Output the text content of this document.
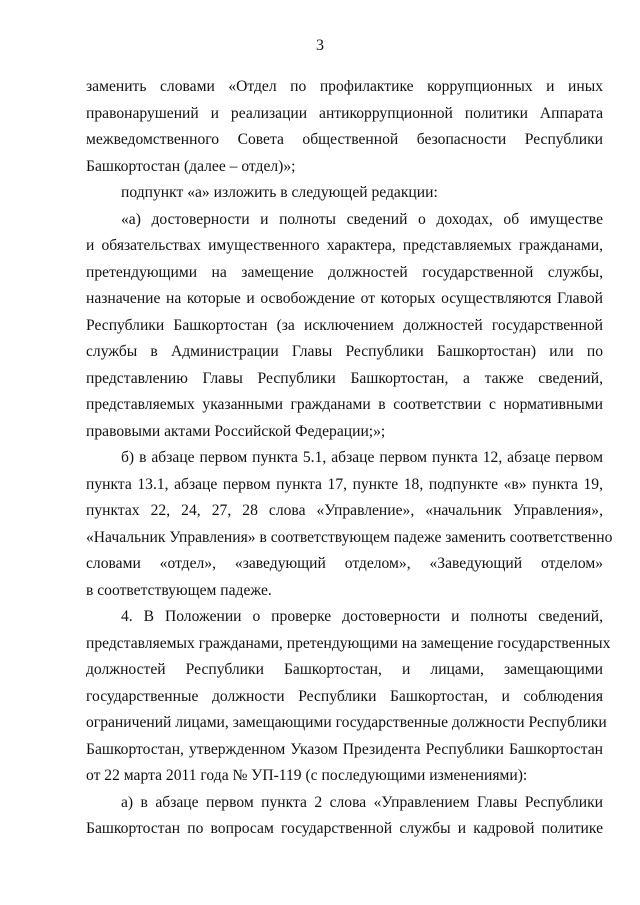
3
заменить словами «Отдел по профилактике коррупционных и иных
правонарушений и реализации антикоррупционной политики Аппарата
межведомственного Совета общественной безопасности Республики
Башкортостан (далее – отдел)»;
подпункт «а» изложить в следующей редакции:
«а) достоверности и полноты сведений о доходах, об имуществе
и обязательствах имущественного характера, представляемых гражданами,
претендующими на замещение должностей государственной службы,
назначение на которые и освобождение от которых осуществляются Главой
Республики Башкортостан (за исключением должностей государственной
службы в Администрации Главы Республики Башкортостан) или по
представлению Главы Республики Башкортостан, а также сведений,
представляемых указанными гражданами в соответствии с нормативными
правовыми актами Российской Федерации;»;
б) в абзаце первом пункта 5.1, абзаце первом пункта 12, абзаце первом
пункта 13.1, абзаце первом пункта 17, пункте 18, подпункте «в» пункта 19,
пунктах 22, 24, 27, 28 слова «Управление», «начальник Управления»,
«Начальник Управления» в соответствующем падеже заменить соответственно
словами «отдел», «заведующий отделом», «Заведующий отделом»
в соответствующем падеже.
4. В Положении о проверке достоверности и полноты сведений,
представляемых гражданами, претендующими на замещение государственных
должностей Республики Башкортостан, и лицами, замещающими
государственные должности Республики Башкортостан, и соблюдения
ограничений лицами, замещающими государственные должности Республики
Башкортостан, утвержденном Указом Президента Республики Башкортостан
от 22 марта 2011 года № УП-119 (с последующими изменениями):
а) в абзаце первом пункта 2 слова «Управлением Главы Республики
Башкортостан по вопросам государственной службы и кадровой политике
